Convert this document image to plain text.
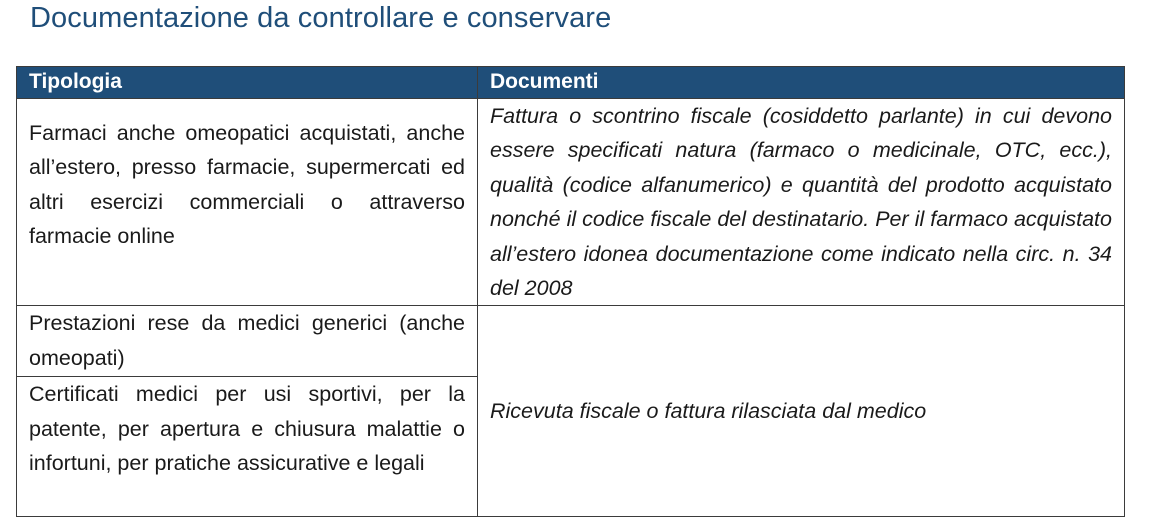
Documentazione da controllare e conservare
Tipologia	Documenti
Farmaci anche omeopatici acquistati, anche all’estero, presso farmacie, supermercati ed altri esercizi commerciali o attraverso farmacie online	Fattura o scontrino fiscale (cosiddetto parlante) in cui devono essere specificati natura (farmaco o medicinale, OTC, ecc.), qualità (codice alfanumerico) e quantità del prodotto acquistato nonché il codice fiscale del destinatario. Per il farmaco acquistato all’estero idonea documentazione come indicato nella circ. n. 34 del 2008
Prestazioni rese da medici generici (anche omeopati)	Ricevuta fiscale o fattura rilasciata dal medico
Certificati medici per usi sportivi, per la patente, per apertura e chiusura malattie o infortuni, per pratiche assicurative e legali	
